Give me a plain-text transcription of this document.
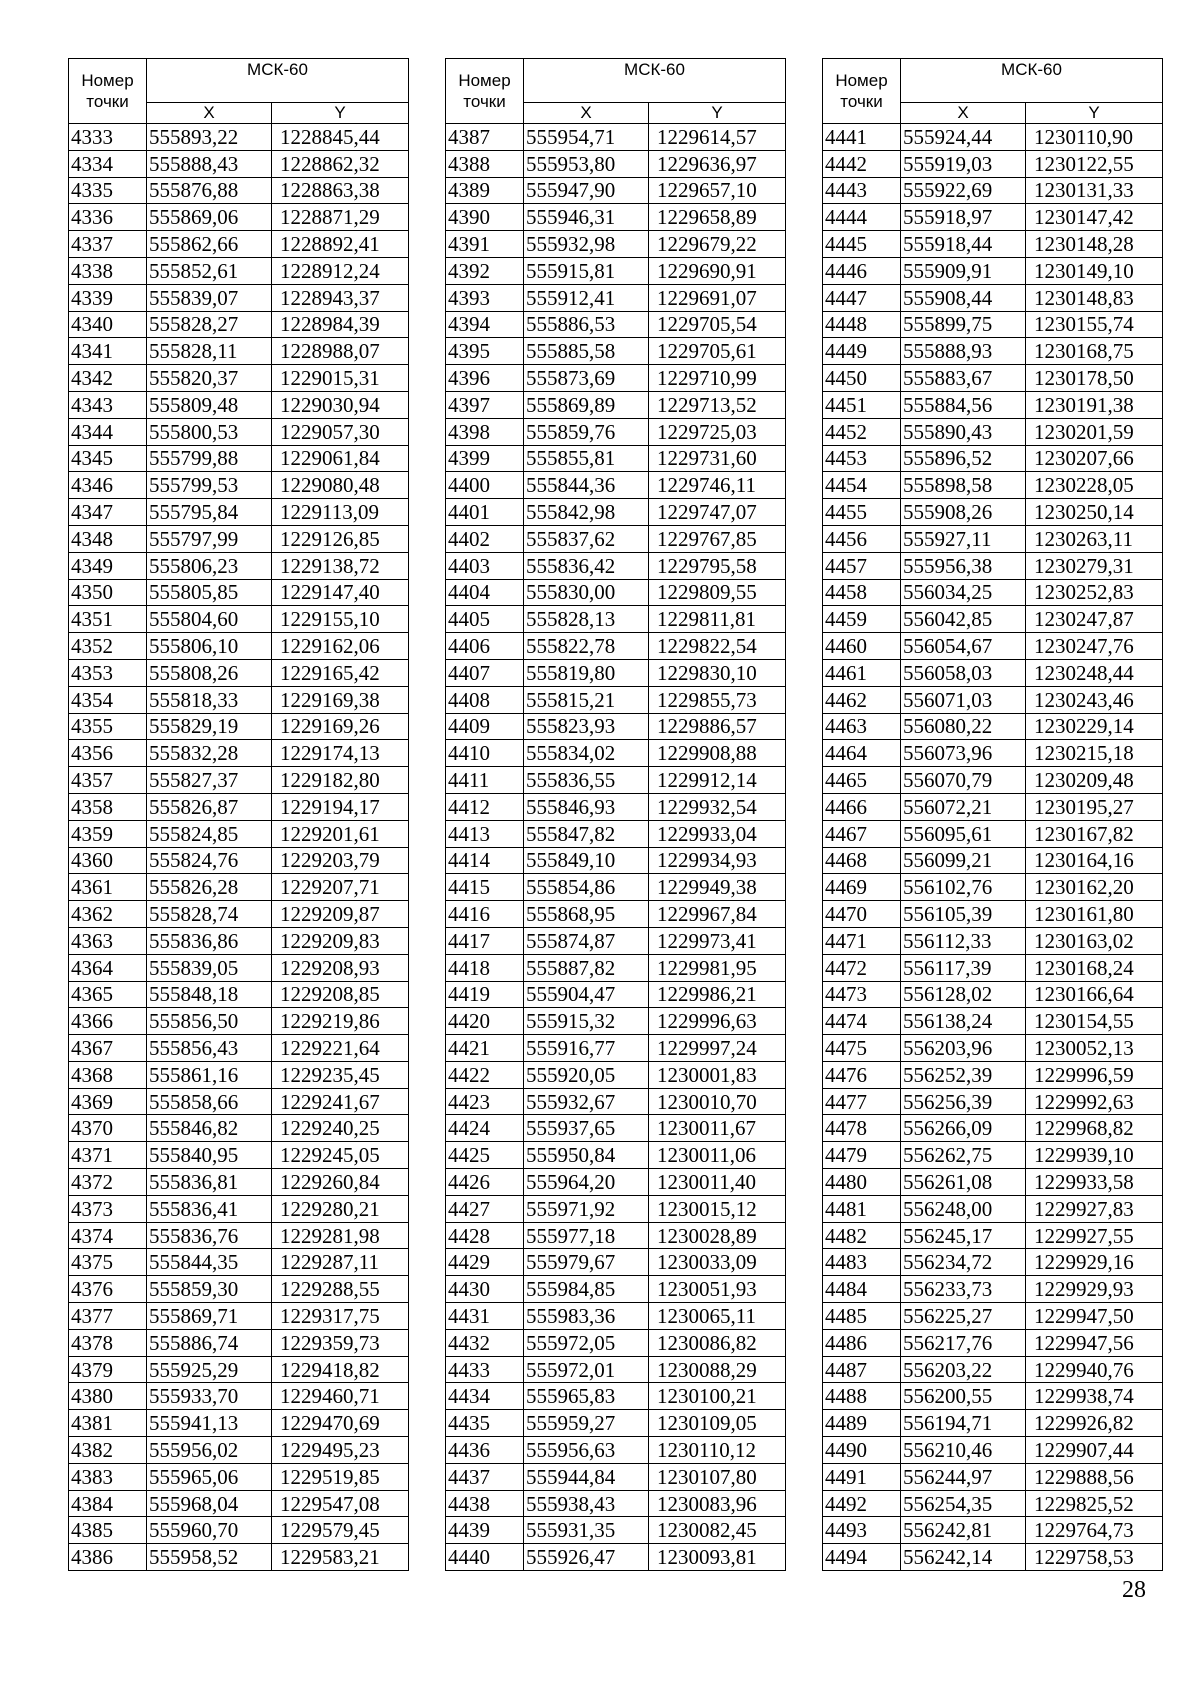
Номер
точки	МСК-60	
	X	Y
4333	555893,22	1228845,44
4334	555888,43	1228862,32
4335	555876,88	1228863,38
4336	555869,06	1228871,29
4337	555862,66	1228892,41
4338	555852,61	1228912,24
4339	555839,07	1228943,37
4340	555828,27	1228984,39
4341	555828,11	1228988,07
4342	555820,37	1229015,31
4343	555809,48	1229030,94
4344	555800,53	1229057,30
4345	555799,88	1229061,84
4346	555799,53	1229080,48
4347	555795,84	1229113,09
4348	555797,99	1229126,85
4349	555806,23	1229138,72
4350	555805,85	1229147,40
4351	555804,60	1229155,10
4352	555806,10	1229162,06
4353	555808,26	1229165,42
4354	555818,33	1229169,38
4355	555829,19	1229169,26
4356	555832,28	1229174,13
4357	555827,37	1229182,80
4358	555826,87	1229194,17
4359	555824,85	1229201,61
4360	555824,76	1229203,79
4361	555826,28	1229207,71
4362	555828,74	1229209,87
4363	555836,86	1229209,83
4364	555839,05	1229208,93
4365	555848,18	1229208,85
4366	555856,50	1229219,86
4367	555856,43	1229221,64
4368	555861,16	1229235,45
4369	555858,66	1229241,67
4370	555846,82	1229240,25
4371	555840,95	1229245,05
4372	555836,81	1229260,84
4373	555836,41	1229280,21
4374	555836,76	1229281,98
4375	555844,35	1229287,11
4376	555859,30	1229288,55
4377	555869,71	1229317,75
4378	555886,74	1229359,73
4379	555925,29	1229418,82
4380	555933,70	1229460,71
4381	555941,13	1229470,69
4382	555956,02	1229495,23
4383	555965,06	1229519,85
4384	555968,04	1229547,08
4385	555960,70	1229579,45
4386	555958,52	1229583,21
Номер
точки	МСК-60	
	X	Y
4387	555954,71	1229614,57
4388	555953,80	1229636,97
4389	555947,90	1229657,10
4390	555946,31	1229658,89
4391	555932,98	1229679,22
4392	555915,81	1229690,91
4393	555912,41	1229691,07
4394	555886,53	1229705,54
4395	555885,58	1229705,61
4396	555873,69	1229710,99
4397	555869,89	1229713,52
4398	555859,76	1229725,03
4399	555855,81	1229731,60
4400	555844,36	1229746,11
4401	555842,98	1229747,07
4402	555837,62	1229767,85
4403	555836,42	1229795,58
4404	555830,00	1229809,55
4405	555828,13	1229811,81
4406	555822,78	1229822,54
4407	555819,80	1229830,10
4408	555815,21	1229855,73
4409	555823,93	1229886,57
4410	555834,02	1229908,88
4411	555836,55	1229912,14
4412	555846,93	1229932,54
4413	555847,82	1229933,04
4414	555849,10	1229934,93
4415	555854,86	1229949,38
4416	555868,95	1229967,84
4417	555874,87	1229973,41
4418	555887,82	1229981,95
4419	555904,47	1229986,21
4420	555915,32	1229996,63
4421	555916,77	1229997,24
4422	555920,05	1230001,83
4423	555932,67	1230010,70
4424	555937,65	1230011,67
4425	555950,84	1230011,06
4426	555964,20	1230011,40
4427	555971,92	1230015,12
4428	555977,18	1230028,89
4429	555979,67	1230033,09
4430	555984,85	1230051,93
4431	555983,36	1230065,11
4432	555972,05	1230086,82
4433	555972,01	1230088,29
4434	555965,83	1230100,21
4435	555959,27	1230109,05
4436	555956,63	1230110,12
4437	555944,84	1230107,80
4438	555938,43	1230083,96
4439	555931,35	1230082,45
4440	555926,47	1230093,81
Номер
точки	МСК-60	
	X	Y
4441	555924,44	1230110,90
4442	555919,03	1230122,55
4443	555922,69	1230131,33
4444	555918,97	1230147,42
4445	555918,44	1230148,28
4446	555909,91	1230149,10
4447	555908,44	1230148,83
4448	555899,75	1230155,74
4449	555888,93	1230168,75
4450	555883,67	1230178,50
4451	555884,56	1230191,38
4452	555890,43	1230201,59
4453	555896,52	1230207,66
4454	555898,58	1230228,05
4455	555908,26	1230250,14
4456	555927,11	1230263,11
4457	555956,38	1230279,31
4458	556034,25	1230252,83
4459	556042,85	1230247,87
4460	556054,67	1230247,76
4461	556058,03	1230248,44
4462	556071,03	1230243,46
4463	556080,22	1230229,14
4464	556073,96	1230215,18
4465	556070,79	1230209,48
4466	556072,21	1230195,27
4467	556095,61	1230167,82
4468	556099,21	1230164,16
4469	556102,76	1230162,20
4470	556105,39	1230161,80
4471	556112,33	1230163,02
4472	556117,39	1230168,24
4473	556128,02	1230166,64
4474	556138,24	1230154,55
4475	556203,96	1230052,13
4476	556252,39	1229996,59
4477	556256,39	1229992,63
4478	556266,09	1229968,82
4479	556262,75	1229939,10
4480	556261,08	1229933,58
4481	556248,00	1229927,83
4482	556245,17	1229927,55
4483	556234,72	1229929,16
4484	556233,73	1229929,93
4485	556225,27	1229947,50
4486	556217,76	1229947,56
4487	556203,22	1229940,76
4488	556200,55	1229938,74
4489	556194,71	1229926,82
4490	556210,46	1229907,44
4491	556244,97	1229888,56
4492	556254,35	1229825,52
4493	556242,81	1229764,73
4494	556242,14	1229758,53
28
